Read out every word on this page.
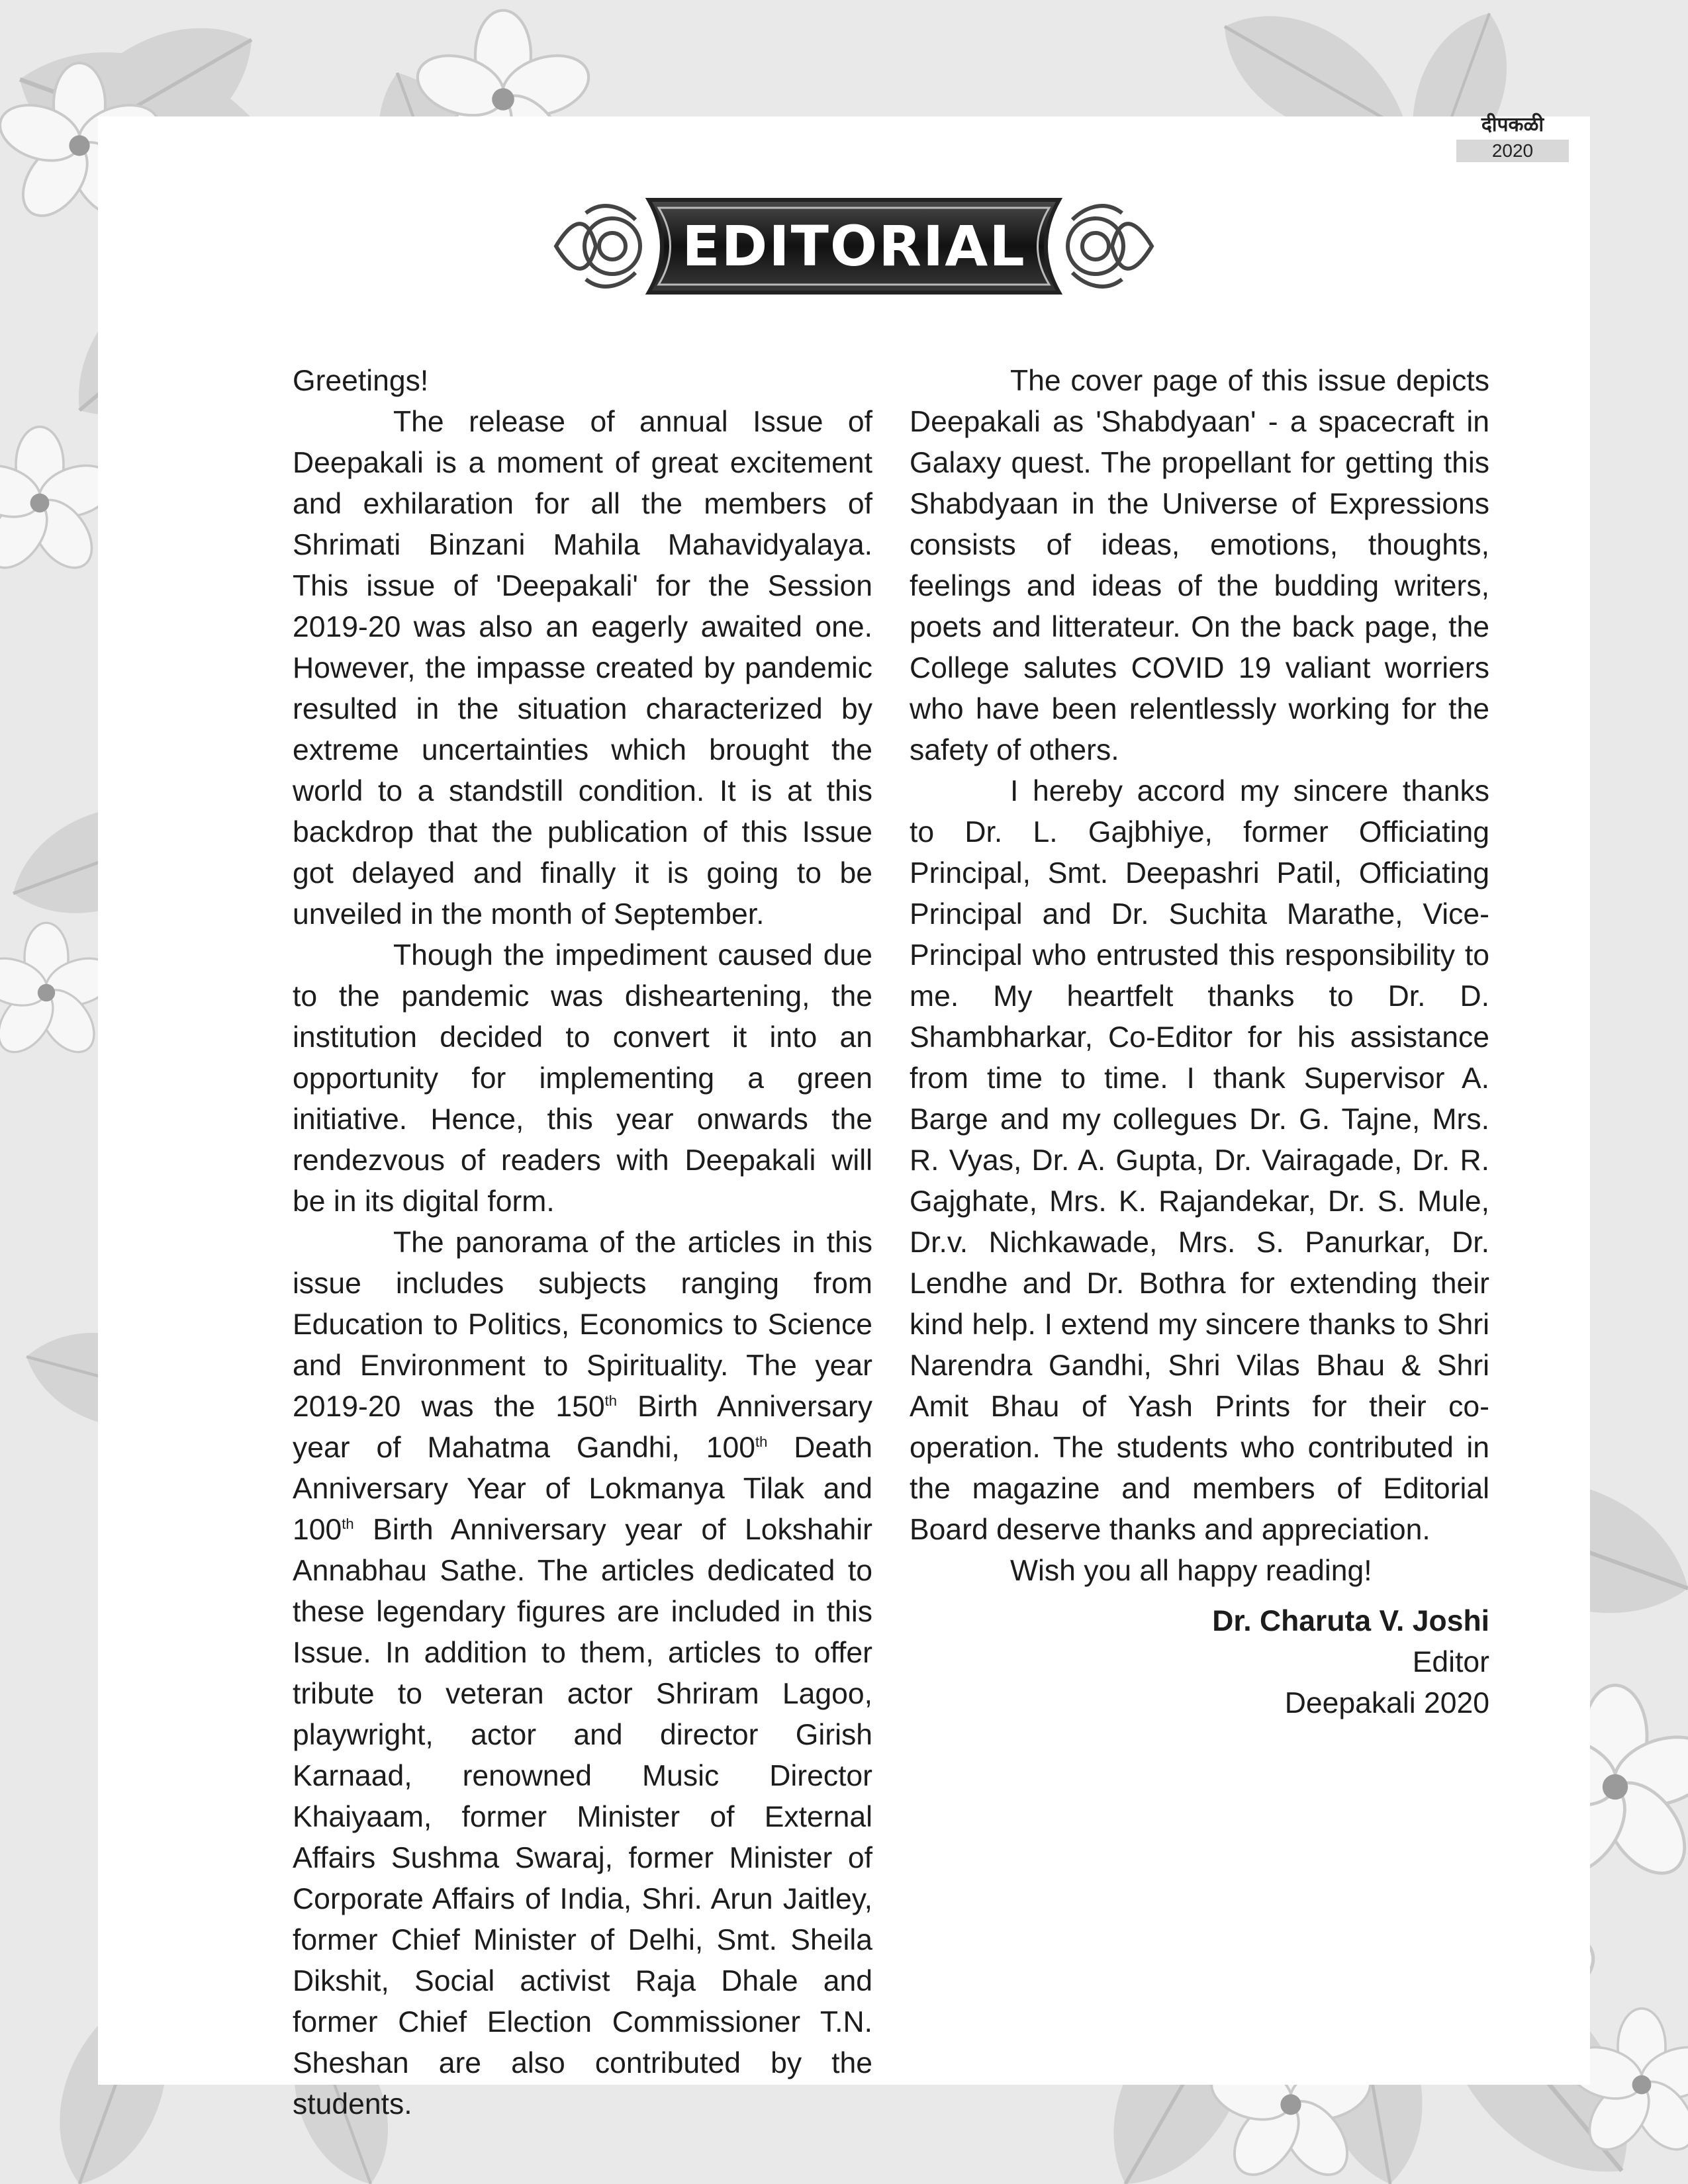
दीपकळी
2020
EDITORIAL

Greetings!

The release of annual Issue of Deepakali is a moment of great excitement and exhilaration for all the members of Shrimati Binzani Mahila Mahavidyalaya. This issue of 'Deepakali' for the Session 2019-20 was also an eagerly awaited one. However, the impasse created by pandemic resulted in the situation characterized by extreme uncertainties which brought the world to a standstill condition. It is at this backdrop that the publication of this Issue got delayed and finally it is going to be unveiled in the month of September.

Though the impediment caused due to the pandemic was disheartening, the institution decided to convert it into an opportunity for implementing a green initiative. Hence, this year onwards the rendezvous of readers with Deepakali will be in its digital form.

The panorama of the articles in this issue includes subjects ranging from Education to Politics, Economics to Science and Environment to Spirituality. The year 2019-20 was the 150th Birth Anniversary year of Mahatma Gandhi, 100th Death Anniversary Year of Lokmanya Tilak and 100th Birth Anniversary year of Lokshahir Annabhau Sathe. The articles dedicated to these legendary figures are included in this Issue. In addition to them, articles to offer tribute to veteran actor Shriram Lagoo, playwright, actor and director Girish Karnaad, renowned Music Director Khaiyaam, former Minister of External Affairs Sushma Swaraj, former Minister of Corporate Affairs of India, Shri. Arun Jaitley, former Chief Minister of Delhi, Smt. Sheila Dikshit, Social activist Raja Dhale and former Chief Election Commissioner T.N. Sheshan are also contributed by the students.

The cover page of this issue depicts Deepakali as 'Shabdyaan' - a spacecraft in Galaxy quest. The propellant for getting this Shabdyaan in the Universe of Expressions consists of ideas, emotions, thoughts, feelings and ideas of the budding writers, poets and litterateur. On the back page, the College salutes COVID 19 valiant worriers who have been relentlessly working for the safety of others.

I hereby accord my sincere thanks to Dr. L. Gajbhiye, former Officiating Principal, Smt. Deepashri Patil, Officiating Principal and Dr. Suchita Marathe, Vice-Principal who entrusted this responsibility to me. My heartfelt thanks to Dr. D. Shambharkar, Co-Editor for his assistance from time to time. I thank Supervisor A. Barge and my collegues Dr. G. Tajne, Mrs. R. Vyas, Dr. A. Gupta, Dr. Vairagade, Dr. R. Gajghate, Mrs. K. Rajandekar, Dr. S. Mule, Dr.v. Nichkawade, Mrs. S. Panurkar, Dr. Lendhe and Dr. Bothra for extending their kind help. I extend my sincere thanks to Shri Narendra Gandhi, Shri Vilas Bhau & Shri Amit Bhau of Yash Prints for their co-operation. The students who contributed in the magazine and members of Editorial Board deserve thanks and appreciation.

Wish you all happy reading!

Dr. Charuta V. Joshi

Editor

Deepakali 2020
